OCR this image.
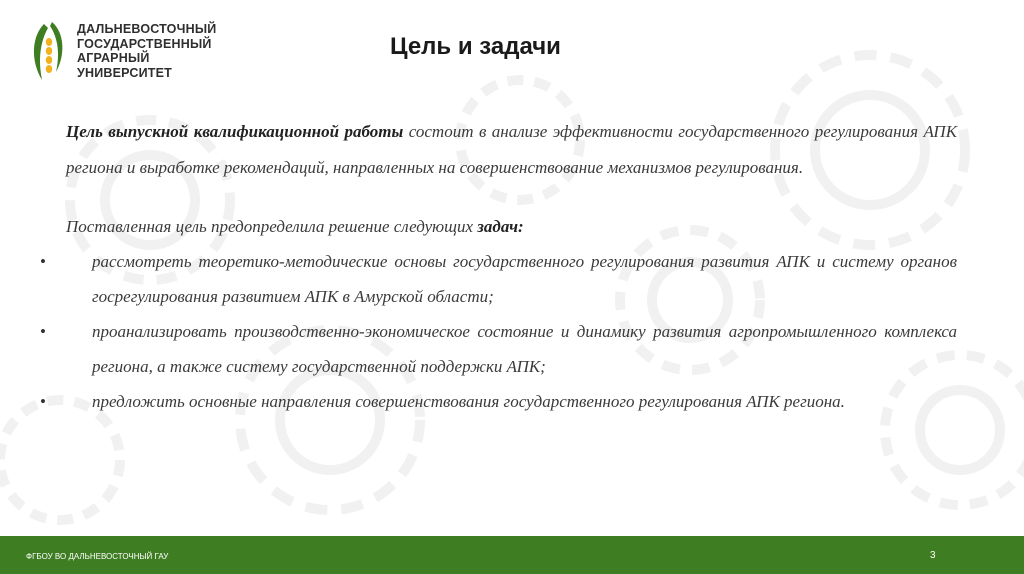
ДАЛЬНЕВОСТОЧНЫЙ
ГОСУДАРСТВЕННЫЙ
АГРАРНЫЙ
УНИВЕРСИТЕТ
Цель и задачи

Цель выпускной квалификационной работы состоит в анализе эффективности государственного регулирования АПК региона и выработке рекомендаций, направленных на совершенствование механизмов регулирования.

Поставленная цель предопределила решение следующих задач:

•	рассмотреть теоретико-методические основы государственного регулирования развития АПК и систему органов госрегулирования развитием АПК в Амурской области;
•	проанализировать производственно-экономическое состояние и динамику развития агропромышленного комплекса региона, а также систему государственной поддержки АПК;
•	предложить основные направления совершенствования государственного регулирования АПК региона.
ФГБОУ ВО ДАЛЬНЕВОСТОЧНЫЙ ГАУ	3
